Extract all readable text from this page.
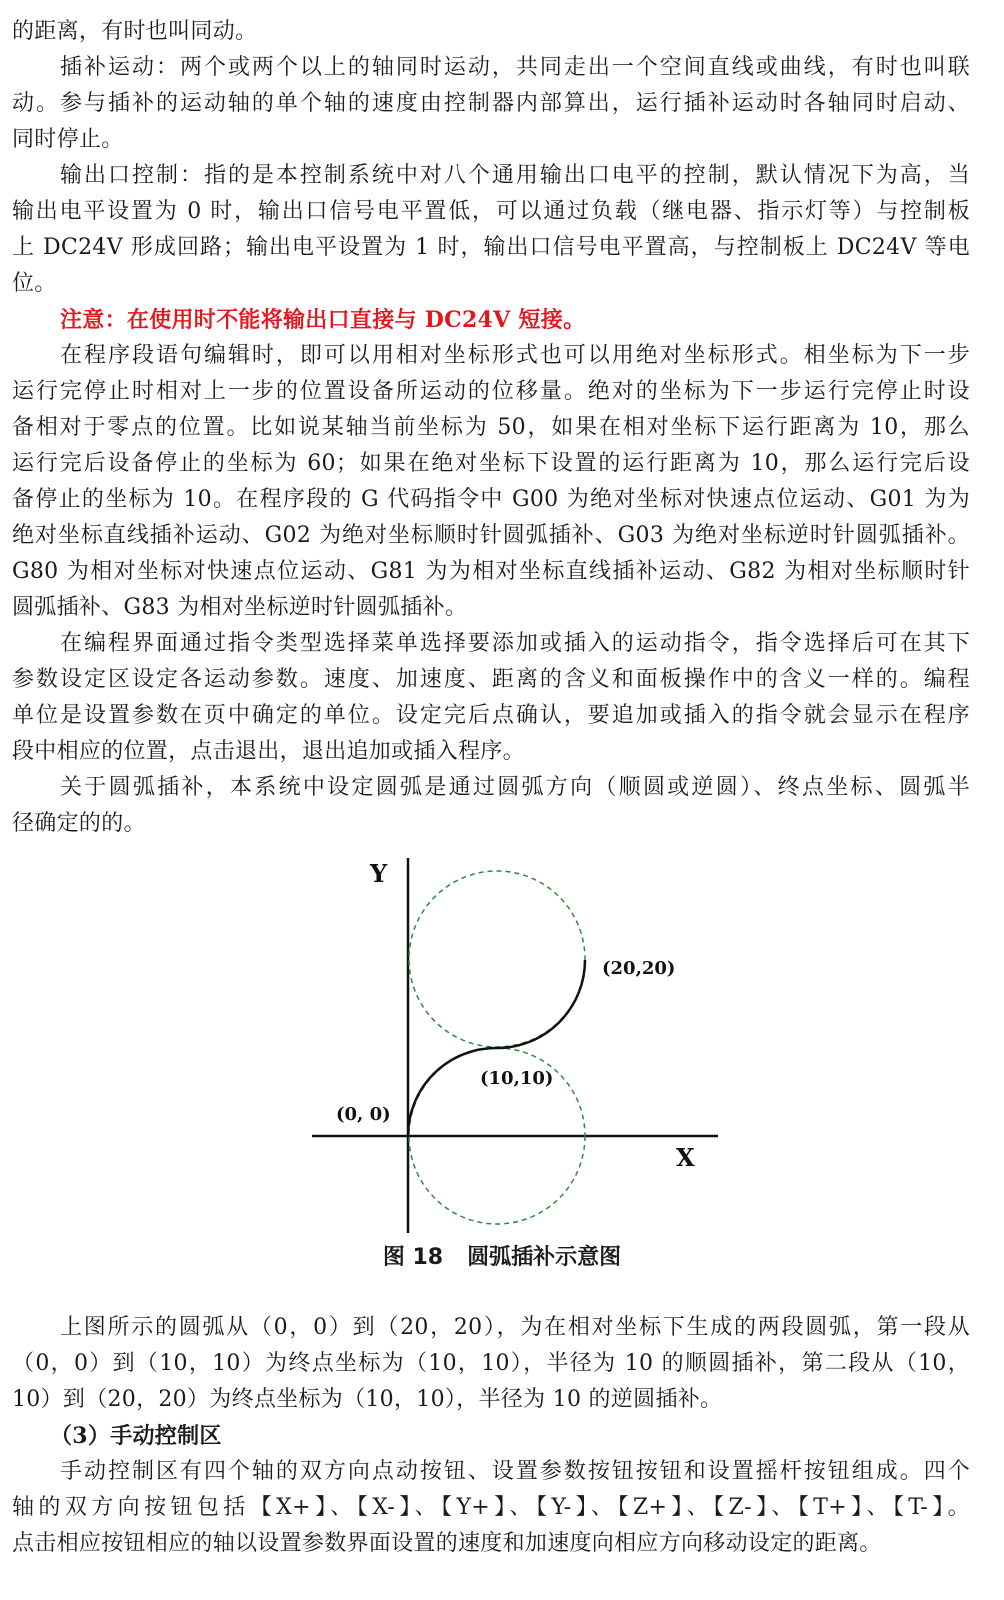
的距离，有时也叫同动。
插补运动：两个或两个以上的轴同时运动，共同走出一个空间直线或曲线，有时也叫联
动。参与插补的运动轴的单个轴的速度由控制器内部算出，运行插补运动时各轴同时启动、
同时停止。
输出口控制：指的是本控制系统中对八个通用输出口电平的控制，默认情况下为高，当
输出电平设置为 0 时，输出口信号电平置低，可以通过负载（继电器、指示灯等）与控制板
上 DC24V 形成回路；输出电平设置为 1 时，输出口信号电平置高，与控制板上 DC24V 等电
位。
注意：在使用时不能将输出口直接与 DC24V 短接。
在程序段语句编辑时，即可以用相对坐标形式也可以用绝对坐标形式。相坐标为下一步
运行完停止时相对上一步的位置设备所运动的位移量。绝对的坐标为下一步运行完停止时设
备相对于零点的位置。比如说某轴当前坐标为 50，如果在相对坐标下运行距离为 10，那么
运行完后设备停止的坐标为 60；如果在绝对坐标下设置的运行距离为 10，那么运行完后设
备停止的坐标为 10。在程序段的 G 代码指令中 G00 为绝对坐标对快速点位运动、G01 为为
绝对坐标直线插补运动、G02 为绝对坐标顺时针圆弧插补、G03 为绝对坐标逆时针圆弧插补。
G80 为相对坐标对快速点位运动、G81 为为相对坐标直线插补运动、G82 为相对坐标顺时针
圆弧插补、G83 为相对坐标逆时针圆弧插补。
在编程界面通过指令类型选择菜单选择要添加或插入的运动指令，指令选择后可在其下
参数设定区设定各运动参数。速度、加速度、距离的含义和面板操作中的含义一样的。编程
单位是设置参数在页中确定的单位。设定完后点确认，要追加或插入的指令就会显示在程序
段中相应的位置，点击退出，退出追加或插入程序。
关于圆弧插补，本系统中设定圆弧是通过圆弧方向（顺圆或逆圆）、终点坐标、圆弧半
径确定的的。
Y
X
(20,20)
(10,10)
(0, 0)
图 18 圆弧插补示意图
上图所示的圆弧从（0，0）到（20，20），为在相对坐标下生成的两段圆弧，第一段从
（0，0）到（10，10）为终点坐标为（10，10），半径为 10 的顺圆插补，第二段从（10，
10）到（20，20）为终点坐标为（10，10），半径为 10 的逆圆插补。
（3）手动控制区
手动控制区有四个轴的双方向点动按钮、设置参数按钮按钮和设置摇杆按钮组成。四个
轴的双方向按钮包括【X+】、【X-】、【Y+】、【Y-】、【Z+】、【Z-】、【T+】、【T-】。
点击相应按钮相应的轴以设置参数界面设置的速度和加速度向相应方向移动设定的距离。
